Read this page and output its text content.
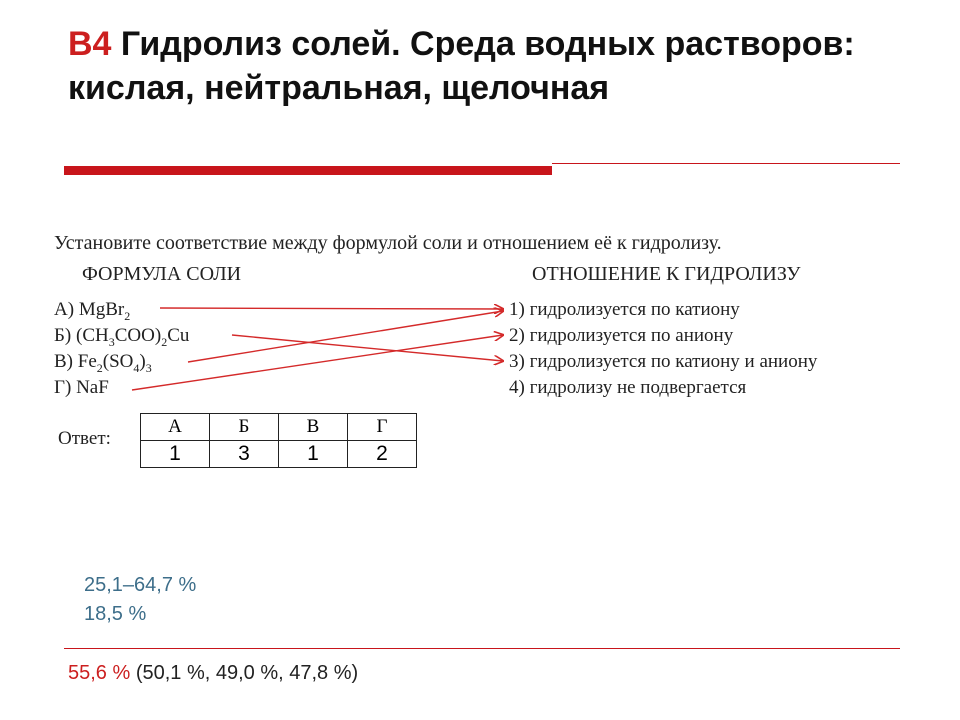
В4 Гидролиз солей. Среда водных растворов: кислая, нейтральная, щелочная
Установите соответствие между формулой соли и отношением её к гидролизу.
ФОРМУЛА СОЛИ	ОТНОШЕНИЕ К ГИДРОЛИЗУ
А) MgBr$_2$
Б) $(CH_3COO)_2Cu$
В) $Fe_2(SO_4)_3$
Г) NaF
1) гидролизуется по катиону
2) гидролизуется по аниону
3) гидролизуется по катиону и аниону
4) гидролизу не подвергается
Ответ:
А	Б	В	Г
1	3	1	2
25,1–64,7 %
18,5 %
55,6 % (50,1 %, 49,0 %, 47,8 %)
